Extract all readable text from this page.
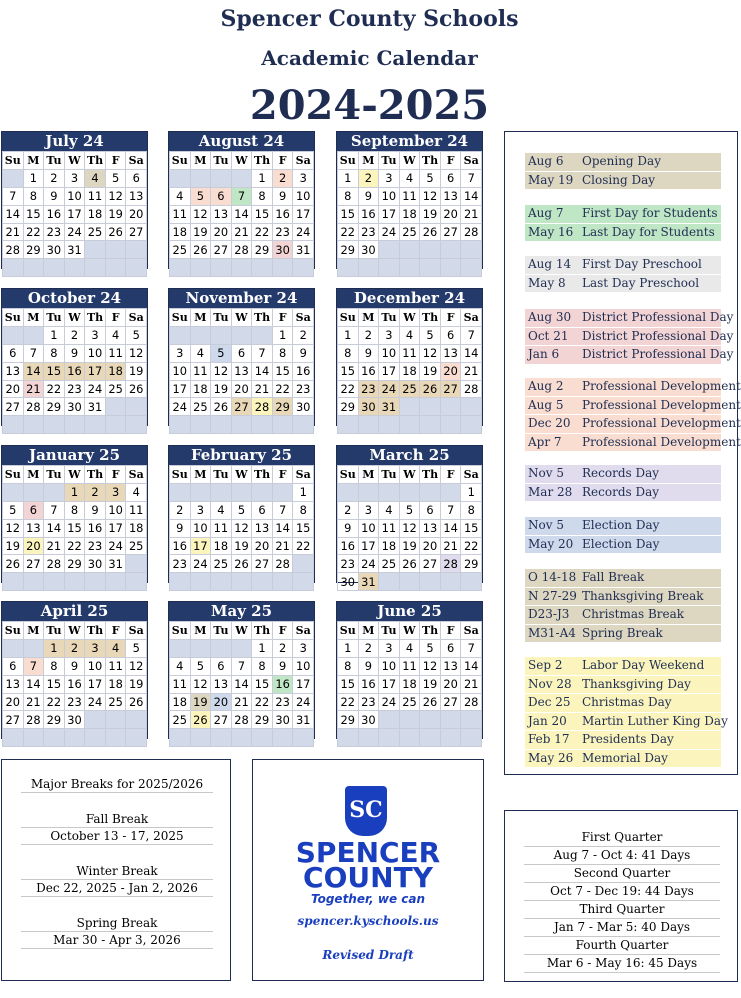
Spencer County Schools
Academic Calendar
2024-2025
July 24
Su	M	Tu	W	Th	F	Sa
	1	2	3	4	5	6
7	8	9	10	11	12	13
14	15	16	17	18	19	20
21	22	23	24	25	26	27
28	29	30	31			

August 24
Su	M	Tu	W	Th	F	Sa
				1	2	3
4	5	6	7	8	9	10
11	12	13	14	15	16	17
18	19	20	21	22	23	24
25	26	27	28	29	30	31

September 24
Su	M	Tu	W	Th	F	Sa
1	2	3	4	5	6	7
8	9	10	11	12	13	14
15	16	17	18	19	20	21
22	23	24	25	26	27	28
29	30					

October 24
Su	M	Tu	W	Th	F	Sa
		1	2	3	4	5
6	7	8	9	10	11	12
13	14	15	16	17	18	19
20	21	22	23	24	25	26
27	28	29	30	31		

November 24
Su	M	Tu	W	Th	F	Sa
					1	2
3	4	5	6	7	8	9
10	11	12	13	14	15	16
17	18	19	20	21	22	23
24	25	26	27	28	29	30

December 24
Su	M	Tu	W	Th	F	Sa
1	2	3	4	5	6	7
8	9	10	11	12	13	14
15	16	17	18	19	20	21
22	23	24	25	26	27	28
29	30	31				

January 25
Su	M	Tu	W	Th	F	Sa
			1	2	3	4
5	6	7	8	9	10	11
12	13	14	15	16	17	18
19	20	21	22	23	24	25
26	27	28	29	30	31	

February 25
Su	M	Tu	W	Th	F	Sa
						1
2	3	4	5	6	7	8
9	10	11	12	13	14	15
16	17	18	19	20	21	22
23	24	25	26	27	28	

March 25
Su	M	Tu	W	Th	F	Sa
						1
2	3	4	5	6	7	8
9	10	11	12	13	14	15
16	17	18	19	20	21	22
23	24	25	26	27	28	29
30	31					
April 25
Su	M	Tu	W	Th	F	Sa
		1	2	3	4	5
6	7	8	9	10	11	12
13	14	15	16	17	18	19
20	21	22	23	24	25	26
27	28	29	30			

May 25
Su	M	Tu	W	Th	F	Sa
				1	2	3
4	5	6	7	8	9	10
11	12	13	14	15	16	17
18	19	20	21	22	23	24
25	26	27	28	29	30	31

June 25
Su	M	Tu	W	Th	F	Sa
1	2	3	4	5	6	7
8	9	10	11	12	13	14
15	16	17	18	19	20	21
22	23	24	25	26	27	28
29	30					

Aug 6 Opening Day
May 19 Closing Day
Aug 7 First Day for Students
May 16 Last Day for Students
Aug 14 First Day Preschool
May 8 Last Day Preschool
Aug 30 District Professional Day
Oct 21 District Professional Day
Jan 6 District Professional Day
Aug 2 Professional Development
Aug 5 Professional Development
Dec 20 Professional Development
Apr 7 Professional Development
Nov 5 Records Day
Mar 28 Records Day
Nov 5 Election Day
May 20 Election Day
O 14-18 Fall Break
N 27-29 Thanksgiving Break
D23-J3 Christmas Break
M31-A4 Spring Break
Sep 2 Labor Day Weekend
Nov 28 Thanksgiving Day
Dec 25 Christmas Day
Jan 20 Martin Luther King Day
Feb 17 Presidents Day
May 26 Memorial Day
Major Breaks for 2025/2026
Fall Break
October 13 - 17, 2025
Winter Break
Dec 22, 2025 - Jan 2, 2026
Spring Break
Mar 30 - Apr 3, 2026
SC
SPENCER
COUNTY
Together, we can
spencer.kyschools.us
Revised Draft
First Quarter
Aug 7 - Oct 4: 41 Days
Second Quarter
Oct 7 - Dec 19: 44 Days
Third Quarter
Jan 7 - Mar 5: 40 Days
Fourth Quarter
Mar 6 - May 16: 45 Days
